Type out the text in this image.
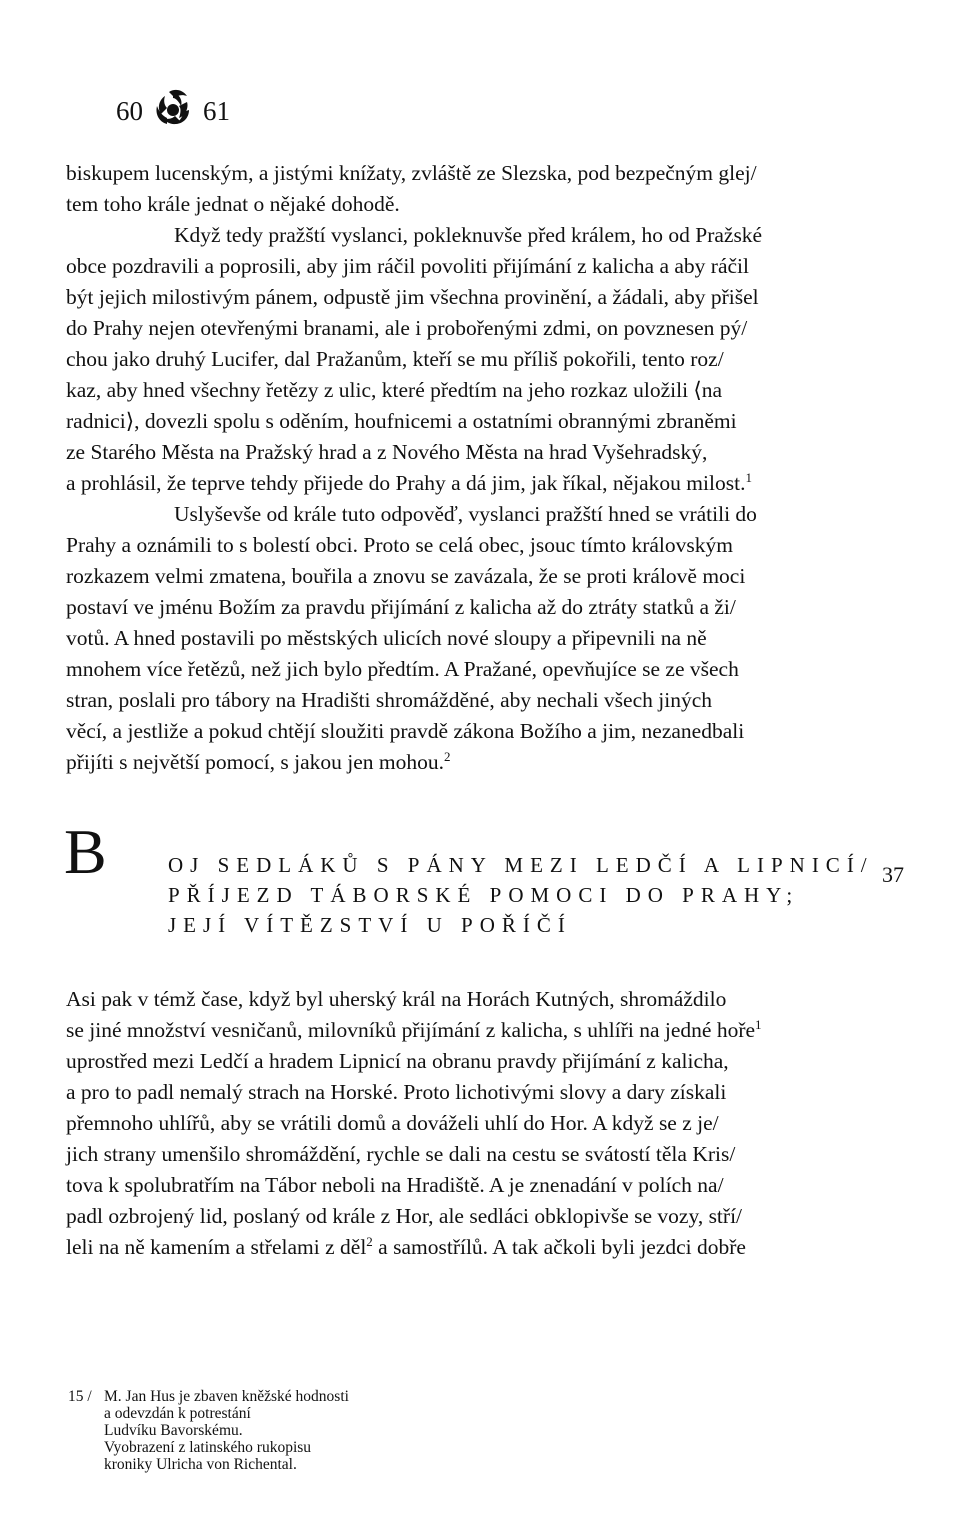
60 61

biskupem lucenským, a jistými knížaty, zvláště ze Slezska, pod bezpečným glej/
tem toho krále jednat o nějaké dohodě.

Když tedy pražští vyslanci, pokleknuvše před králem, ho od Pražské
obce pozdravili a poprosili, aby jim ráčil povoliti přijímání z kalicha a aby ráčil
být jejich milostivým pánem, odpustě jim všechna provinění, a žádali, aby přišel
do Prahy nejen otevřenými branami, ale i probořenými zdmi, on povznesen pý/
chou jako druhý Lucifer, dal Pražanům, kteří se mu příliš pokořili, tento roz/
kaz, aby hned všechny řetězy z ulic, které předtím na jeho rozkaz uložili ⟨na
radnici⟩, dovezli spolu s oděním, houfnicemi a ostatními obrannými zbraněmi
ze Starého Města na Pražský hrad a z Nového Města na hrad Vyšehradský,
a prohlásil, že teprve tehdy přijede do Prahy a dá jim, jak říkal, nějakou milost.$^1$

Uslyševše od krále tuto odpověď, vyslanci pražští hned se vrátili do
Prahy a oznámili to s bolestí obci. Proto se celá obec, jsouc tímto královským
rozkazem velmi zmatena, bouřila a znovu se zavázala, že se proti královĕ moci
postaví ve jménu Božím za pravdu přijímání z kalicha až do ztráty statků a ži/
votů. A hned postavili po městských ulicích nové sloupy a připevnili na ně
mnohem více řetězů, než jich bylo předtím. A Pražané, opevňujíce se ze všech
stran, poslali pro tábory na Hradišti shromážděné, aby nechali všech jiných
věcí, a jestliže a pokud chtějí sloužiti pravdě zákona Božího a jim, nezanedbali
přijíti s největší pomocí, s jakou jen mohou.$^2$

B	OJ SEDLÁKŮ S PÁNY MEZI LEDČÍ A LIPNICÍ/
PŘÍJEZD TÁBORSKÉ POMOCI DO PRAHY;
JEJÍ VÍTĚZSTVÍ U POŘÍČÍ
37

Asi pak v témž čase, když byl uherský král na Horách Kutných, shromáždilo
se jiné množství vesničanů, milovníků přijímání z kalicha, s uhlíři na jedné hoře$^1$
uprostřed mezi Ledčí a hradem Lipnicí na obranu pravdy přijímání z kalicha,
a pro to padl nemalý strach na Horské. Proto lichotivými slovy a dary získali
přemnoho uhlířů, aby se vrátili domů a dováželi uhlí do Hor. A když se z je/
jich strany umenšilo shromáždění, rychle se dali na cestu se svátostí těla Kris/
tova k spolubratřím na Tábor neboli na Hradiště. A je znenadání v polích na/
padl ozbrojený lid, poslaný od krále z Hor, ale sedláci obklopivše se vozy, stří/
leli na ně kamením a střelami z děl$^2$ a samostřílů. A tak ačkoli byli jezdci dobře

15 / M. Jan Hus je zbaven kněžské hodnosti
a odevzdán k potrestání
Ludvíku Bavorskému.
Vyobrazení z latinského rukopisu
kroniky Ulricha von Richental.
